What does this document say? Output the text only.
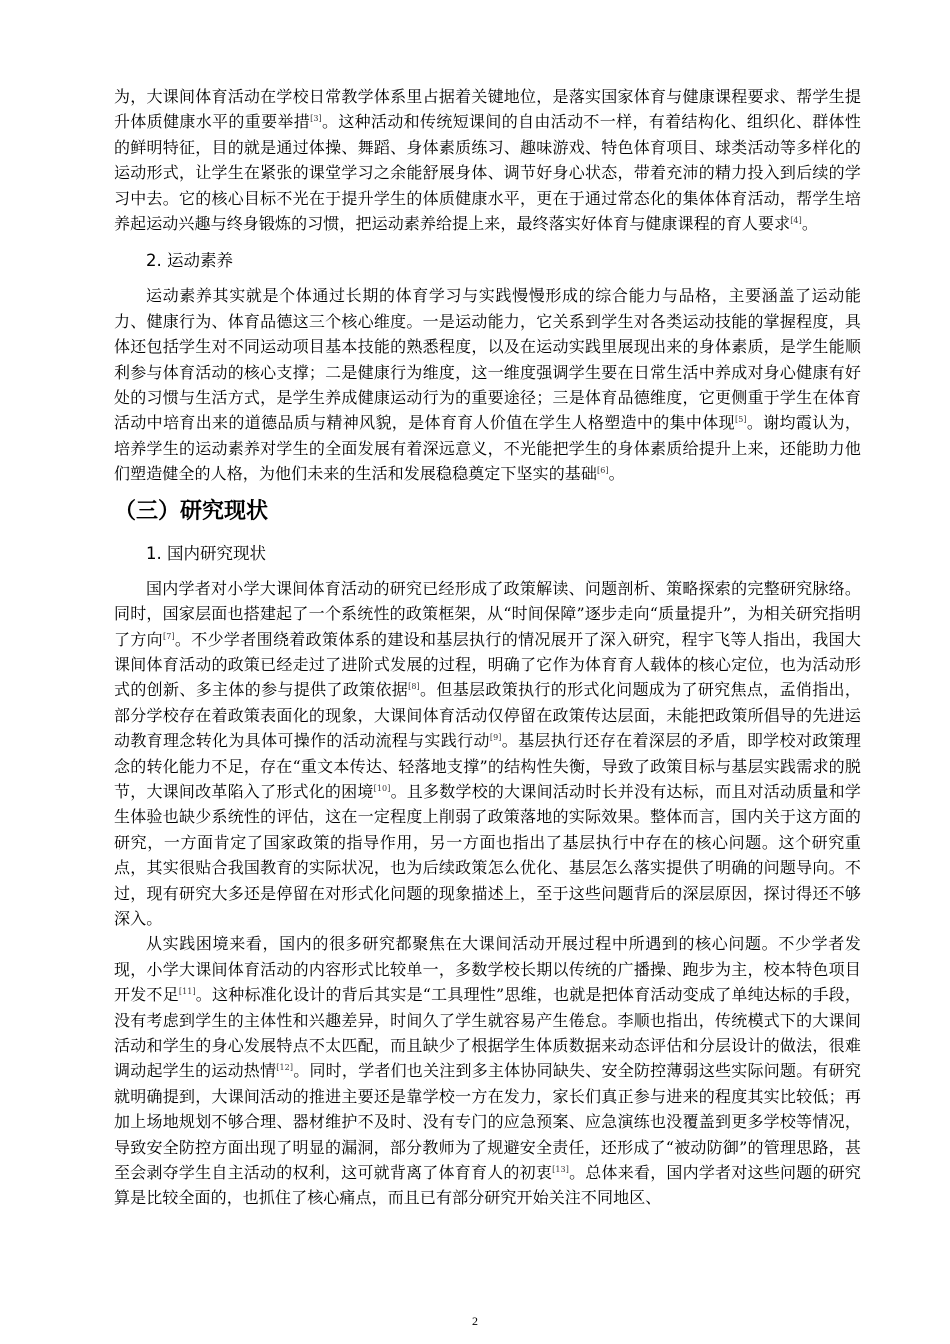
为，大课间体育活动在学校日常教学体系里占据着关键地位，是落实国家体育与健康课程要求、帮学生提升体质健康水平的重要举措[3]。这种活动和传统短课间的自由活动不一样，有着结构化、组织化、群体性的鲜明特征，目的就是通过体操、舞蹈、身体素质练习、趣味游戏、特色体育项目、球类活动等多样化的运动形式，让学生在紧张的课堂学习之余能舒展身体、调节好身心状态，带着充沛的精力投入到后续的学习中去。它的核心目标不光在于提升学生的体质健康水平，更在于通过常态化的集体体育活动，帮学生培养起运动兴趣与终身锻炼的习惯，把运动素养给提上来，最终落实好体育与健康课程的育人要求[4]。

2. 运动素养

运动素养其实就是个体通过长期的体育学习与实践慢慢形成的综合能力与品格，主要涵盖了运动能力、健康行为、体育品德这三个核心维度。一是运动能力，它关系到学生对各类运动技能的掌握程度，具体还包括学生对不同运动项目基本技能的熟悉程度，以及在运动实践里展现出来的身体素质，是学生能顺利参与体育活动的核心支撑；二是健康行为维度，这一维度强调学生要在日常生活中养成对身心健康有好处的习惯与生活方式，是学生养成健康运动行为的重要途径；三是体育品德维度，它更侧重于学生在体育活动中培育出来的道德品质与精神风貌，是体育育人价值在学生人格塑造中的集中体现[5]。谢均霞认为，培养学生的运动素养对学生的全面发展有着深远意义，不光能把学生的身体素质给提升上来，还能助力他们塑造健全的人格，为他们未来的生活和发展稳稳奠定下坚实的基础[6]。

（三）研究现状
1. 国内研究现状

国内学者对小学大课间体育活动的研究已经形成了政策解读、问题剖析、策略探索的完整研究脉络。同时，国家层面也搭建起了一个系统性的政策框架，从“时间保障”逐步走向“质量提升”，为相关研究指明了方向[7]。不少学者围绕着政策体系的建设和基层执行的情况展开了深入研究，程宇飞等人指出，我国大课间体育活动的政策已经走过了进阶式发展的过程，明确了它作为体育育人载体的核心定位，也为活动形式的创新、多主体的参与提供了政策依据[8]。但基层政策执行的形式化问题成为了研究焦点，孟俏指出，部分学校存在着政策表面化的现象，大课间体育活动仅停留在政策传达层面，未能把政策所倡导的先进运动教育理念转化为具体可操作的活动流程与实践行动[9]。基层执行还存在着深层的矛盾，即学校对政策理念的转化能力不足，存在“重文本传达、轻落地支撑”的结构性失衡，导致了政策目标与基层实践需求的脱节，大课间改革陷入了形式化的困境[10]。且多数学校的大课间活动时长并没有达标，而且对活动质量和学生体验也缺少系统性的评估，这在一定程度上削弱了政策落地的实际效果。整体而言，国内关于这方面的研究，一方面肯定了国家政策的指导作用，另一方面也指出了基层执行中存在的核心问题。这个研究重点，其实很贴合我国教育的实际状况，也为后续政策怎么优化、基层怎么落实提供了明确的问题导向。不过，现有研究大多还是停留在对形式化问题的现象描述上，至于这些问题背后的深层原因，探讨得还不够深入。

从实践困境来看，国内的很多研究都聚焦在大课间活动开展过程中所遇到的核心问题。不少学者发现，小学大课间体育活动的内容形式比较单一，多数学校长期以传统的广播操、跑步为主，校本特色项目开发不足[11]。这种标准化设计的背后其实是“工具理性”思维，也就是把体育活动变成了单纯达标的手段，没有考虑到学生的主体性和兴趣差异，时间久了学生就容易产生倦怠。李顺也指出，传统模式下的大课间活动和学生的身心发展特点不太匹配，而且缺少了根据学生体质数据来动态评估和分层设计的做法，很难调动起学生的运动热情[12]。同时，学者们也关注到多主体协同缺失、安全防控薄弱这些实际问题。有研究就明确提到，大课间活动的推进主要还是靠学校一方在发力，家长们真正参与进来的程度其实比较低；再加上场地规划不够合理、器材维护不及时、没有专门的应急预案、应急演练也没覆盖到更多学校等情况，导致安全防控方面出现了明显的漏洞，部分教师为了规避安全责任，还形成了“被动防御”的管理思路，甚至会剥夺学生自主活动的权利，这可就背离了体育育人的初衷[13]。总体来看，国内学者对这些问题的研究算是比较全面的，也抓住了核心痛点，而且已有部分研究开始关注不同地区、

2
